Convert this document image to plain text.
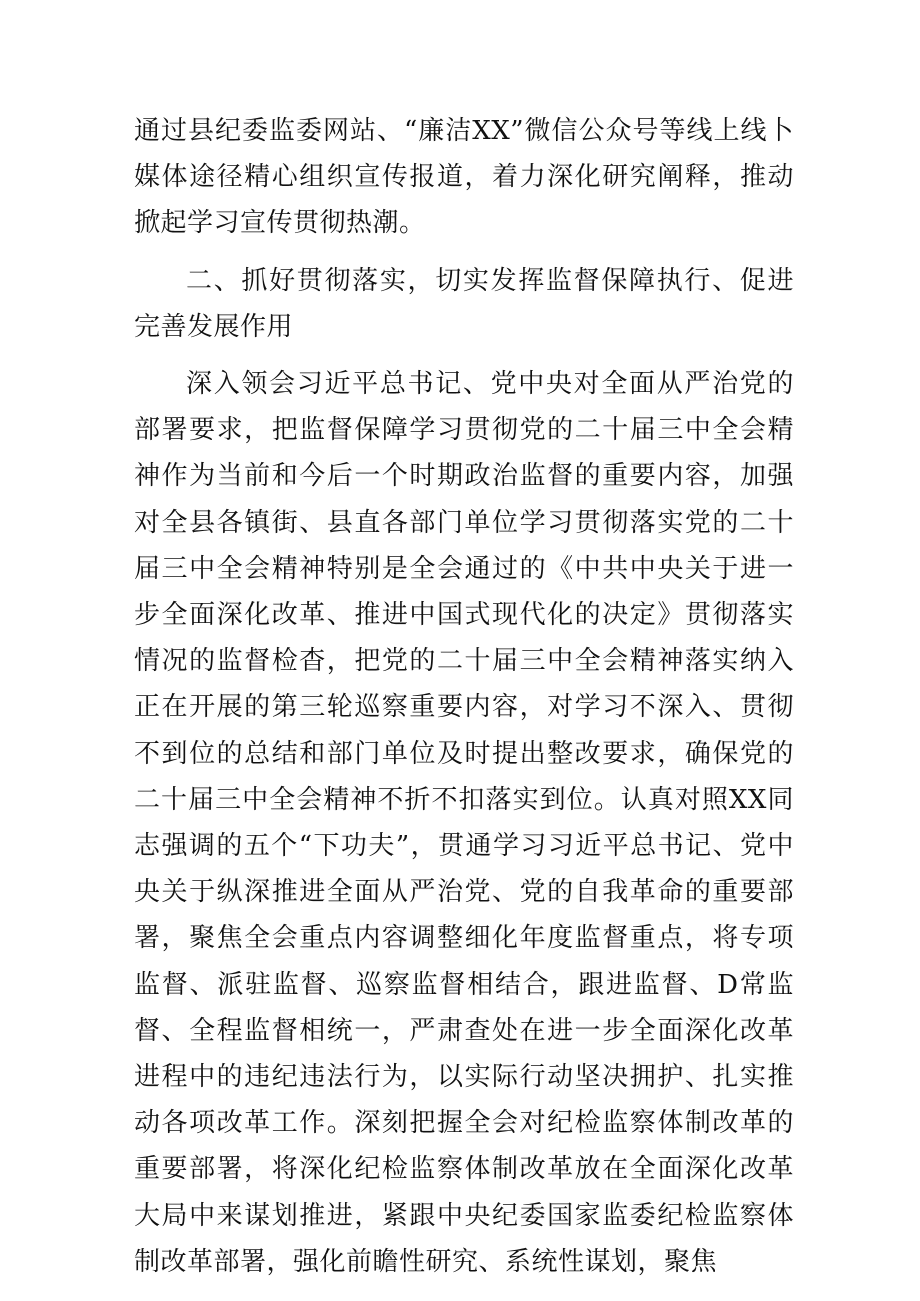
通过县纪委监委网站、“廉洁XX”微信公众号等线上线卜媒体途径精心组织宣传报道，着力深化研究阐释，推动掀起学习宣传贯彻热潮。

二、抓好贯彻落实，切实发挥监督保障执行、促进完善发展作用

深入领会习近平总书记、党中央对全面从严治党的部署要求，把监督保障学习贯彻党的二十届三中全会精神作为当前和今后一个时期政治监督的重要内容，加强对全县各镇街、县直各部门单位学习贯彻落实党的二十届三中全会精神特别是全会通过的《中共中央关于进一步全面深化改革、推进中国式现代化的决定》贯彻落实情况的监督检杳，把党的二十届三中全会精神落实纳入正在开展的第三轮巡察重要内容，对学习不深入、贯彻不到位的总结和部门单位及时提出整改要求，确保党的二十届三中全会精神不折不扣落实到位。认真对照XX同志强调的五个“下功夫”，贯通学习习近平总书记、党中央关于纵深推进全面从严治党、党的自我革命的重要部署，聚焦全会重点内容调整细化年度监督重点，将专项监督、派驻监督、巡察监督相结合，跟进监督、D常监督、全程监督相统一，严肃查处在进一步全面深化改革进程中的违纪违法行为，以实际行动坚决拥护、扎实推动各项改革工作。深刻把握全会对纪检监察体制改革的重要部署，将深化纪检监察体制改革放在全面深化改革大局中来谋划推进，紧跟中央纪委国家监委纪检监察体制改革部署，强化前瞻性研究、系统性谋划，聚焦
